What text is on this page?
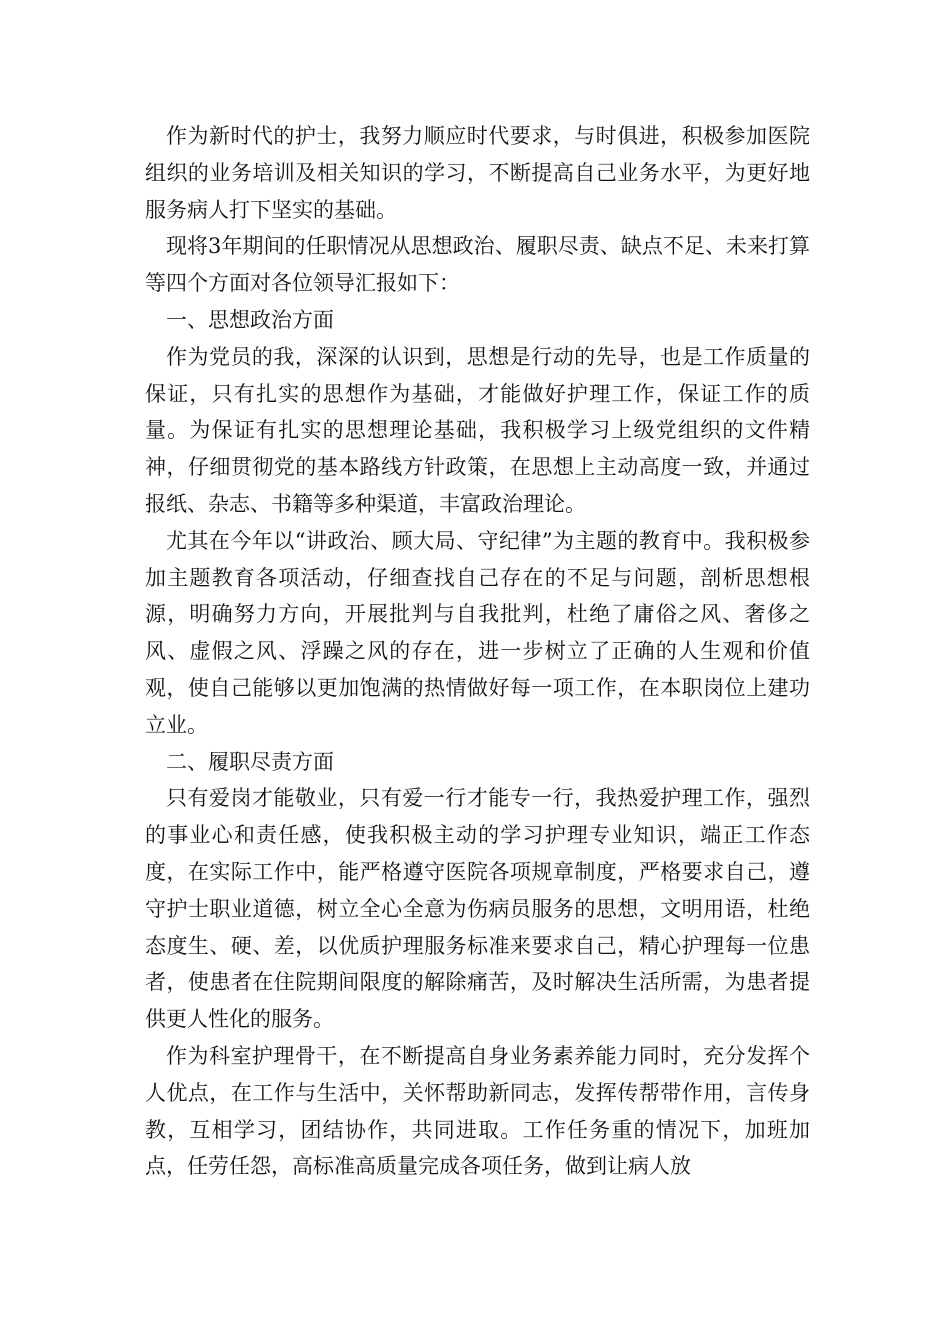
作为新时代的护士，我努力顺应时代要求，与时俱进，积极参加医院组织的业务培训及相关知识的学习，不断提高自己业务水平，为更好地服务病人打下坚实的基础。

现将3年期间的任职情况从思想政治、履职尽责、缺点不足、未来打算等四个方面对各位领导汇报如下：

一、思想政治方面

作为党员的我，深深的认识到，思想是行动的先导，也是工作质量的保证，只有扎实的思想作为基础，才能做好护理工作，保证工作的质量。为保证有扎实的思想理论基础，我积极学习上级党组织的文件精神，仔细贯彻党的基本路线方针政策，在思想上主动高度一致，并通过报纸、杂志、书籍等多种渠道，丰富政治理论。

尤其在今年以“讲政治、顾大局、守纪律”为主题的教育中。我积极参加主题教育各项活动，仔细查找自己存在的不足与问题，剖析思想根源，明确努力方向，开展批判与自我批判，杜绝了庸俗之风、奢侈之风、虚假之风、浮躁之风的存在，进一步树立了正确的人生观和价值观，使自己能够以更加饱满的热情做好每一项工作，在本职岗位上建功立业。

二、履职尽责方面

只有爱岗才能敬业，只有爱一行才能专一行，我热爱护理工作，强烈的事业心和责任感，使我积极主动的学习护理专业知识，端正工作态度，在实际工作中，能严格遵守医院各项规章制度，严格要求自己，遵守护士职业道德，树立全心全意为伤病员服务的思想，文明用语，杜绝态度生、硬、差，以优质护理服务标准来要求自己，精心护理每一位患者，使患者在住院期间限度的解除痛苦，及时解决生活所需，为患者提供更人性化的服务。

作为科室护理骨干，在不断提高自身业务素养能力同时，充分发挥个人优点，在工作与生活中，关怀帮助新同志，发挥传帮带作用，言传身教，互相学习，团结协作，共同进取。工作任务重的情况下，加班加点，任劳任怨，高标准高质量完成各项任务，做到让病人放
